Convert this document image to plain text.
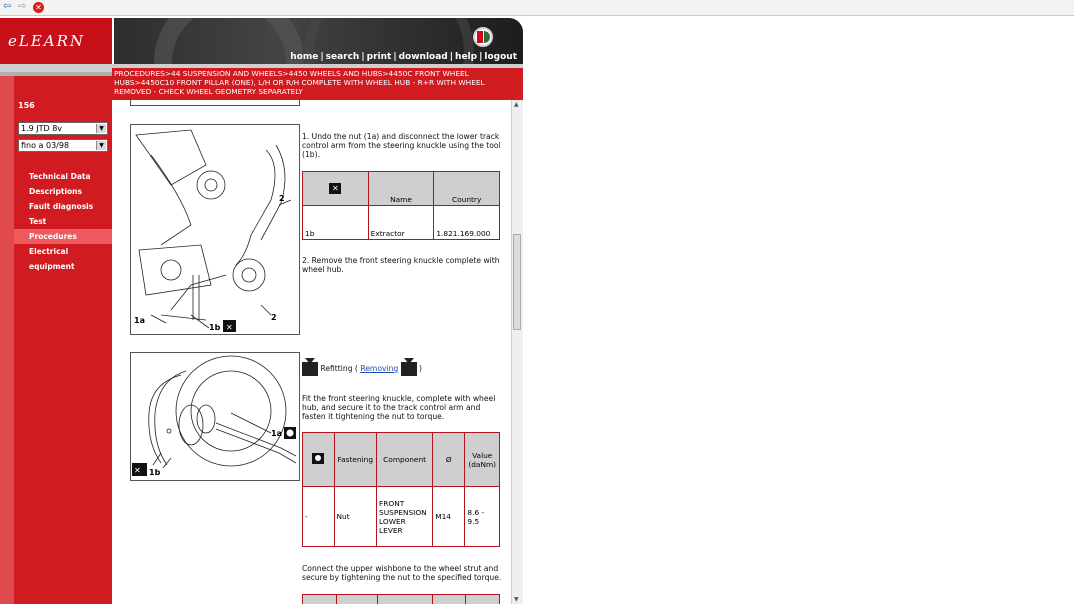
⇦ ⇨ ✕
eLEARN
home | search | print | download | help | logout
156
1.9 JTD 8v	▼
fino a 03/98	▼
Technical Data
Descriptions
Fault diagnosis
Test
Procedures
Electrical equipment
PROCEDURES>44 SUSPENSION AND WHEELS>4450 WHEELS AND HUBS>4450C FRONT WHEEL HUBS>4450C10 FRONT PILLAR (ONE), L/H OR R/H COMPLETE WITH WHEEL HUB - R+R WITH WHEEL REMOVED - CHECK WHEEL GEOMETRY SEPARATELY
2
2
1a
1b ✕
1a
✕ 1b
1. Undo the nut (1a) and disconnect the lower track control arm from the steering knuckle using the tool (1b).
✕	Name	Country
1b	Extractor	1.821.169.000
2. Remove the front steering knuckle complete with wheel hub.
Refitting ( Removing  )
Fit the front steering knuckle, complete with wheel hub, and secure it to the track control arm and fasten it tightening the nut to torque.
	Fastening	Component	Ø	Value (daNm)
-	Nut	FRONT SUSPENSION LOWER LEVER	M14	8.6 - 9.5
Connect the upper wishbone to the wheel strut and secure by tightening the nut to the specified torque.

▲
▼
